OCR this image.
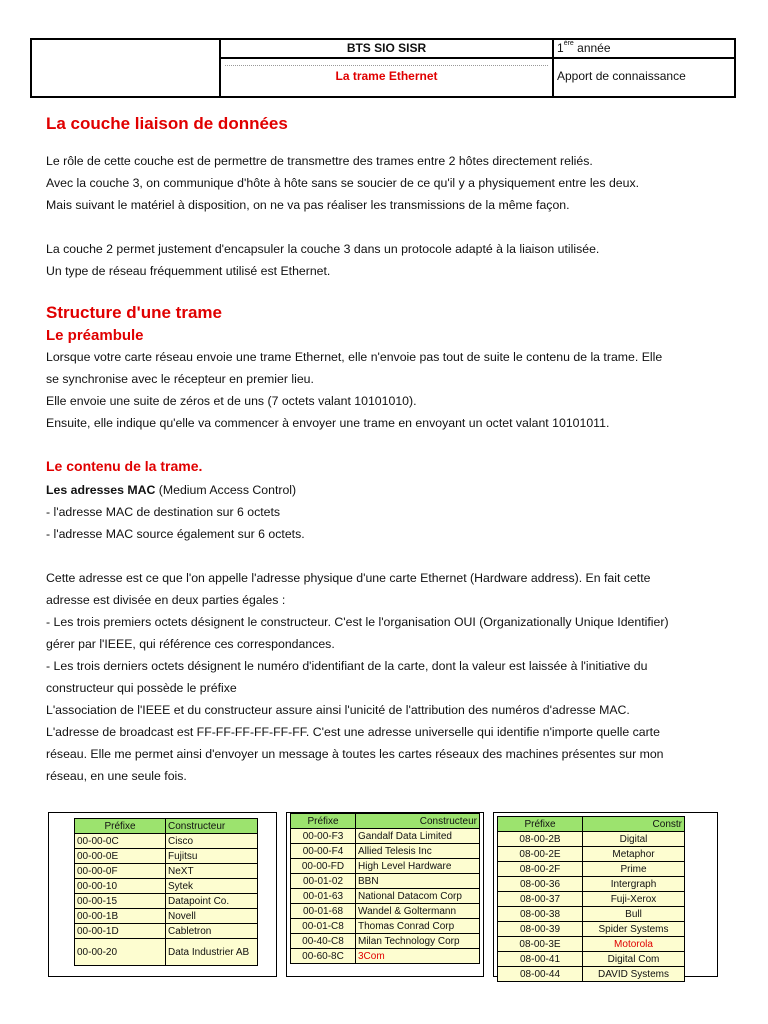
BTS SIO SISR	1ère année
La trame Ethernet	Apport de connaissance
La couche liaison de données

Le rôle de cette couche est de permettre de transmettre des trames entre 2 hôtes directement reliés.

Avec la couche 3, on communique d'hôte à hôte sans se soucier de ce qu'il y a physiquement entre les deux.

Mais suivant le matériel à disposition, on ne va pas réaliser les transmissions de la même façon.

La couche 2 permet justement d'encapsuler la couche 3 dans un protocole adapté à la liaison utilisée.

Un type de réseau fréquemment utilisé est Ethernet.

Structure d'une trame
Le préambule

Lorsque votre carte réseau envoie une trame Ethernet, elle n'envoie pas tout de suite le contenu de la trame. Elle

se synchronise avec le récepteur en premier lieu.

Elle envoie une suite de zéros et de uns (7 octets valant 10101010).

Ensuite, elle indique qu'elle va commencer à envoyer une trame en envoyant un octet valant 10101011.

Le contenu de la trame.

Les adresses MAC (Medium Access Control)

- l'adresse MAC de destination sur 6 octets

- l'adresse MAC source également sur 6 octets.

Cette adresse est ce que l'on appelle l'adresse physique d'une carte Ethernet (Hardware address). En fait cette

adresse est divisée en deux parties égales :

- Les trois premiers octets désignent le constructeur. C'est le l'organisation OUI (Organizationally Unique Identifier)

gérer par l'IEEE, qui référence ces correspondances.

- Les trois derniers octets désignent le numéro d'identifiant de la carte, dont la valeur est laissée à l'initiative du

constructeur qui possède le préfixe

L'association de l'IEEE et du constructeur assure ainsi l'unicité de l'attribution des numéros d'adresse MAC.

L'adresse de broadcast est FF-FF-FF-FF-FF-FF. C'est une adresse universelle qui identifie n'importe quelle carte

réseau. Elle me permet ainsi d'envoyer un message à toutes les cartes réseaux des machines présentes sur mon

réseau, en une seule fois.

Préfixe	Constructeur
00-00-0C	Cisco
00-00-0E	Fujitsu
00-00-0F	NeXT
00-00-10	Sytek
00-00-15	Datapoint Co.
00-00-1B	Novell
00-00-1D	Cabletron
00-00-20	Data Industrier AB
Préfixe	Constructeur
00-00-F3	Gandalf Data Limited
00-00-F4	Allied Telesis Inc
00-00-FD	High Level Hardware
00-01-02	BBN
00-01-63	National Datacom Corp
00-01-68	Wandel & Goltermann
00-01-C8	Thomas Conrad Corp
00-40-C8	Milan Technology Corp
00-60-8C	3Com
Préfixe	Constr
08-00-2B	Digital
08-00-2E	Metaphor
08-00-2F	Prime
08-00-36	Intergraph
08-00-37	Fuji-Xerox
08-00-38	Bull
08-00-39	Spider Systems
08-00-3E	Motorola
08-00-41	Digital Com
08-00-44	DAVID Systems
